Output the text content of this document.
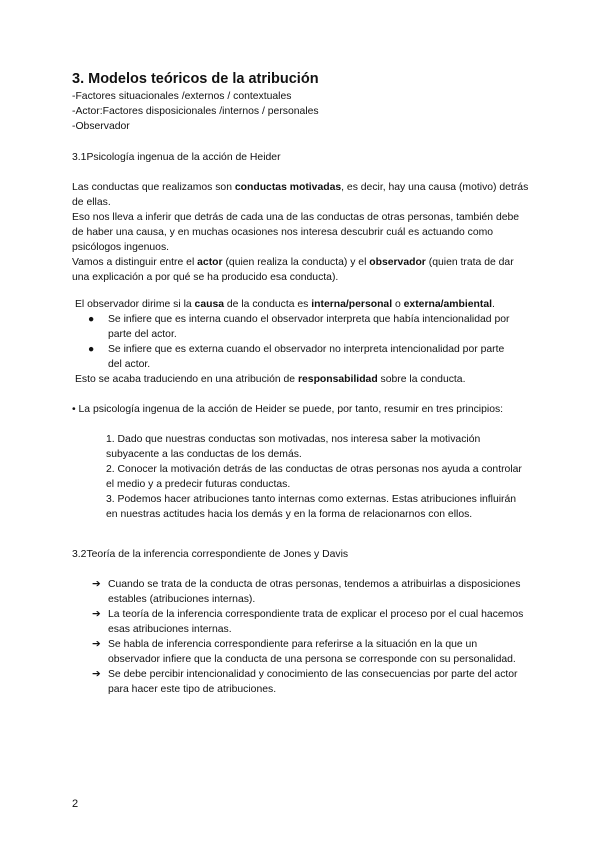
3. Modelos teóricos de la atribución
-Factores situacionales /externos / contextuales
-Actor:Factores disposicionales /internos / personales
-Observador
3.1Psicología ingenua de la acción de Heider
Las conductas que realizamos son conductas motivadas, es decir, hay una causa (motivo) detrás de ellas.
Eso nos lleva a inferir que detrás de cada una de las conductas de otras personas, también debe de haber una causa, y en muchas ocasiones nos interesa descubrir cuál es actuando como psicólogos ingenuos.
Vamos a distinguir entre el actor (quien realiza la conducta) y el observador (quien trata de dar una explicación a por qué se ha producido esa conducta).
El observador dirime si la causa de la conducta es interna/personal o externa/ambiental.
● Se infiere que es interna cuando el observador interpreta que había intencionalidad por parte del actor.
● Se infiere que es externa cuando el observador no interpreta intencionalidad por parte del actor.
Esto se acaba traduciendo en una atribución de responsabilidad sobre la conducta.
• La psicología ingenua de la acción de Heider se puede, por tanto, resumir en tres principios:
1. Dado que nuestras conductas son motivadas, nos interesa saber la motivación subyacente a las conductas de los demás.
2. Conocer la motivación detrás de las conductas de otras personas nos ayuda a controlar el medio y a predecir futuras conductas.
3. Podemos hacer atribuciones tanto internas como externas. Estas atribuciones influirán en nuestras actitudes hacia los demás y en la forma de relacionarnos con ellos.
3.2Teoría de la inferencia correspondiente de Jones y Davis
➔ Cuando se trata de la conducta de otras personas, tendemos a atribuirlas a disposiciones estables (atribuciones internas).
➔ La teoría de la inferencia correspondiente trata de explicar el proceso por el cual hacemos esas atribuciones internas.
➔ Se habla de inferencia correspondiente para referirse a la situación en la que un observador infiere que la conducta de una persona se corresponde con su personalidad.
➔ Se debe percibir intencionalidad y conocimiento de las consecuencias por parte del actor para hacer este tipo de atribuciones.
2
